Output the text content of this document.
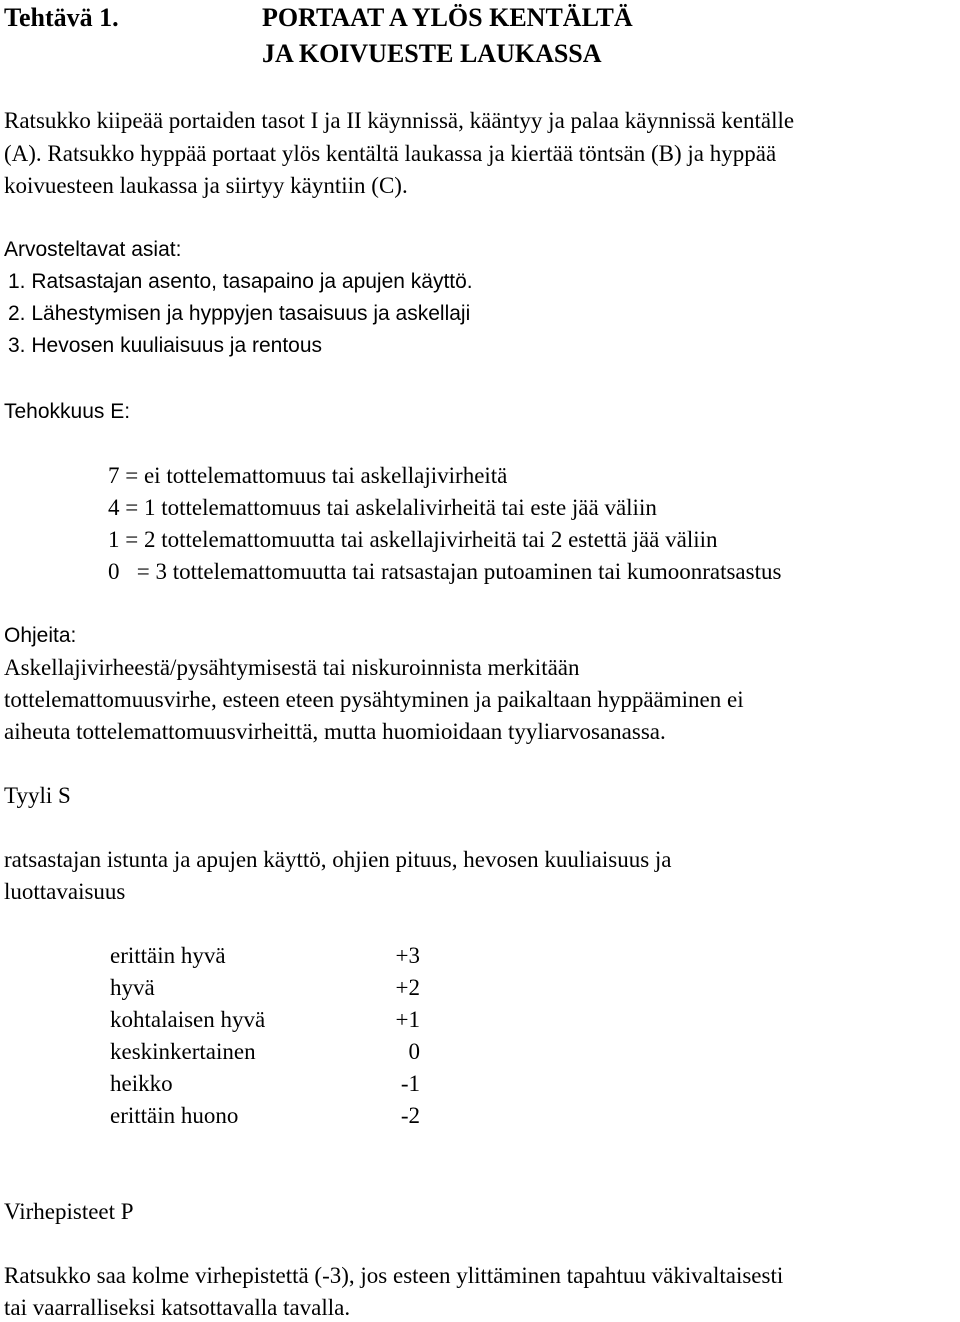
Tehtävä 1.	PORTAAT A YLÖS KENTÄLTÄ
JA KOIVUESTE LAUKASSA
Ratsukko kiipeää portaiden tasot I ja II käynnissä, kääntyy ja palaa käynnissä kentälle
(A). Ratsukko hyppää portaat ylös kentältä laukassa ja kiertää töntsän (B) ja hyppää
koivuesteen laukassa ja siirtyy käyntiin (C).
Arvosteltavat asiat:
1. Ratsastajan asento, tasapaino ja apujen käyttö.
2. Lähestymisen ja hyppyjen tasaisuus ja askellaji
3. Hevosen kuuliaisuus ja rentous
Tehokkuus E:
7 = ei tottelemattomuus tai askellajivirheitä
4 = 1 tottelemattomuus tai askelalivirheitä tai este jää väliin
1 = 2 tottelemattomuutta tai askellajivirheitä tai 2 estettä jää väliin
0   = 3 tottelemattomuutta tai ratsastajan putoaminen tai kumoonratsastus
Ohjeita:
Askellajivirheestä/pysähtymisestä tai niskuroinnista merkitään
tottelemattomuusvirhe, esteen eteen pysähtyminen ja paikaltaan hyppääminen ei
aiheuta tottelemattomuusvirheittä, mutta huomioidaan tyyliarvosanassa.
Tyyli S
ratsastajan istunta ja apujen käyttö, ohjien pituus, hevosen kuuliaisuus ja
luottavaisuus
erittäin hyvä	+3
hyvä	+2
kohtalaisen hyvä	+1
keskinkertainen	0
heikko	-1
erittäin huono	-2
Virhepisteet P
Ratsukko saa kolme virhepistettä (-3), jos esteen ylittäminen tapahtuu väkivaltaisesti
tai vaarralliseksi katsottavalla tavalla.
